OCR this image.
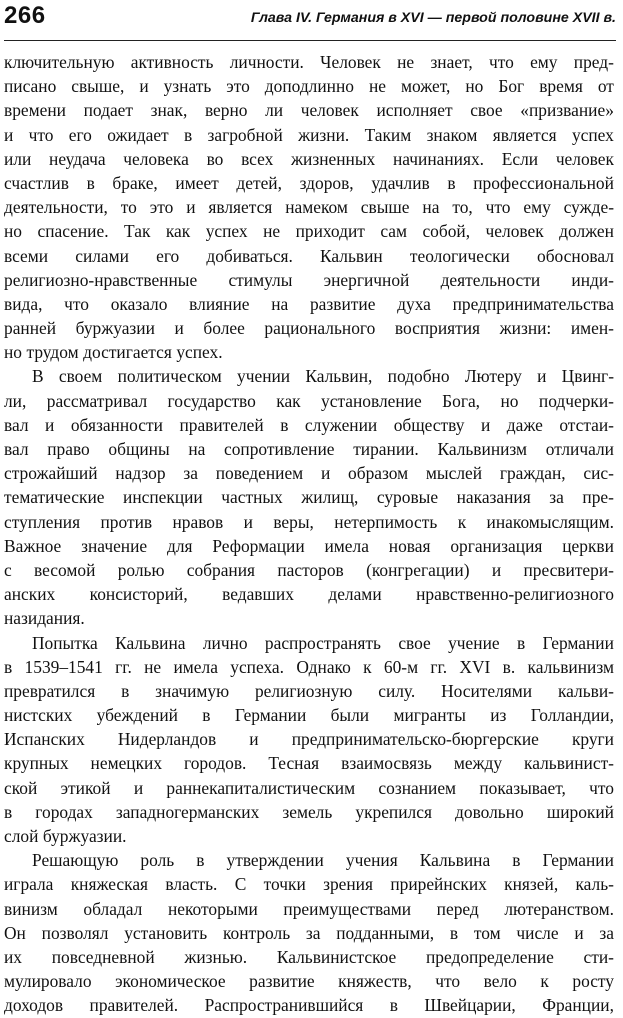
266	Глава IV. Германия в XVI — первой половине XVII в.
ключительную активность личности. Человек не знает, что ему пред-
писано свыше, и узнать это доподлинно не может, но Бог время от
времени подает знак, верно ли человек исполняет свое «призвание»
и что его ожидает в загробной жизни. Таким знаком является успех
или неудача человека во всех жизненных начинаниях. Если человек
счастлив в браке, имеет детей, здоров, удачлив в профессиональной
деятельности, то это и является намеком свыше на то, что ему сужде-
но спасение. Так как успех не приходит сам собой, человек должен
всеми силами его добиваться. Кальвин теологически обосновал
религиозно-нравственные стимулы энергичной деятельности инди-
вида, что оказало влияние на развитие духа предпринимательства
ранней буржуазии и более рационального восприятия жизни: имен-
но трудом достигается успех.
В своем политическом учении Кальвин, подобно Лютеру и Цвинг-
ли, рассматривал государство как установление Бога, но подчерки-
вал и обязанности правителей в служении обществу и даже отстаи-
вал право общины на сопротивление тирании. Кальвинизм отличали
строжайший надзор за поведением и образом мыслей граждан, сис-
тематические инспекции частных жилищ, суровые наказания за пре-
ступления против нравов и веры, нетерпимость к инакомыслящим.
Важное значение для Реформации имела новая организация церкви
с весомой ролью собрания пасторов (конгрегации) и пресвитери-
анских консисторий, ведавших делами нравственно-религиозного
назидания.
Попытка Кальвина лично распространять свое учение в Германии
в 1539–1541 гг. не имела успеха. Однако к 60-м гг. XVI в. кальвинизм
превратился в значимую религиозную силу. Носителями кальви-
нистских убеждений в Германии были мигранты из Голландии,
Испанских Нидерландов и предпринимательско-бюргерские круги
крупных немецких городов. Тесная взаимосвязь между кальвинист-
ской этикой и раннекапиталистическим сознанием показывает, что
в городах западногерманских земель укрепился довольно широкий
слой буржуазии.
Решающую роль в утверждении учения Кальвина в Германии
играла княжеская власть. С точки зрения прирейнских князей, каль-
винизм обладал некоторыми преимуществами перед лютеранством.
Он позволял установить контроль за подданными, в том числе и за
их повседневной жизнью. Кальвинистское предопределение сти-
мулировало экономическое развитие княжеств, что вело к росту
доходов правителей. Распространившийся в Швейцарии, Франции,
